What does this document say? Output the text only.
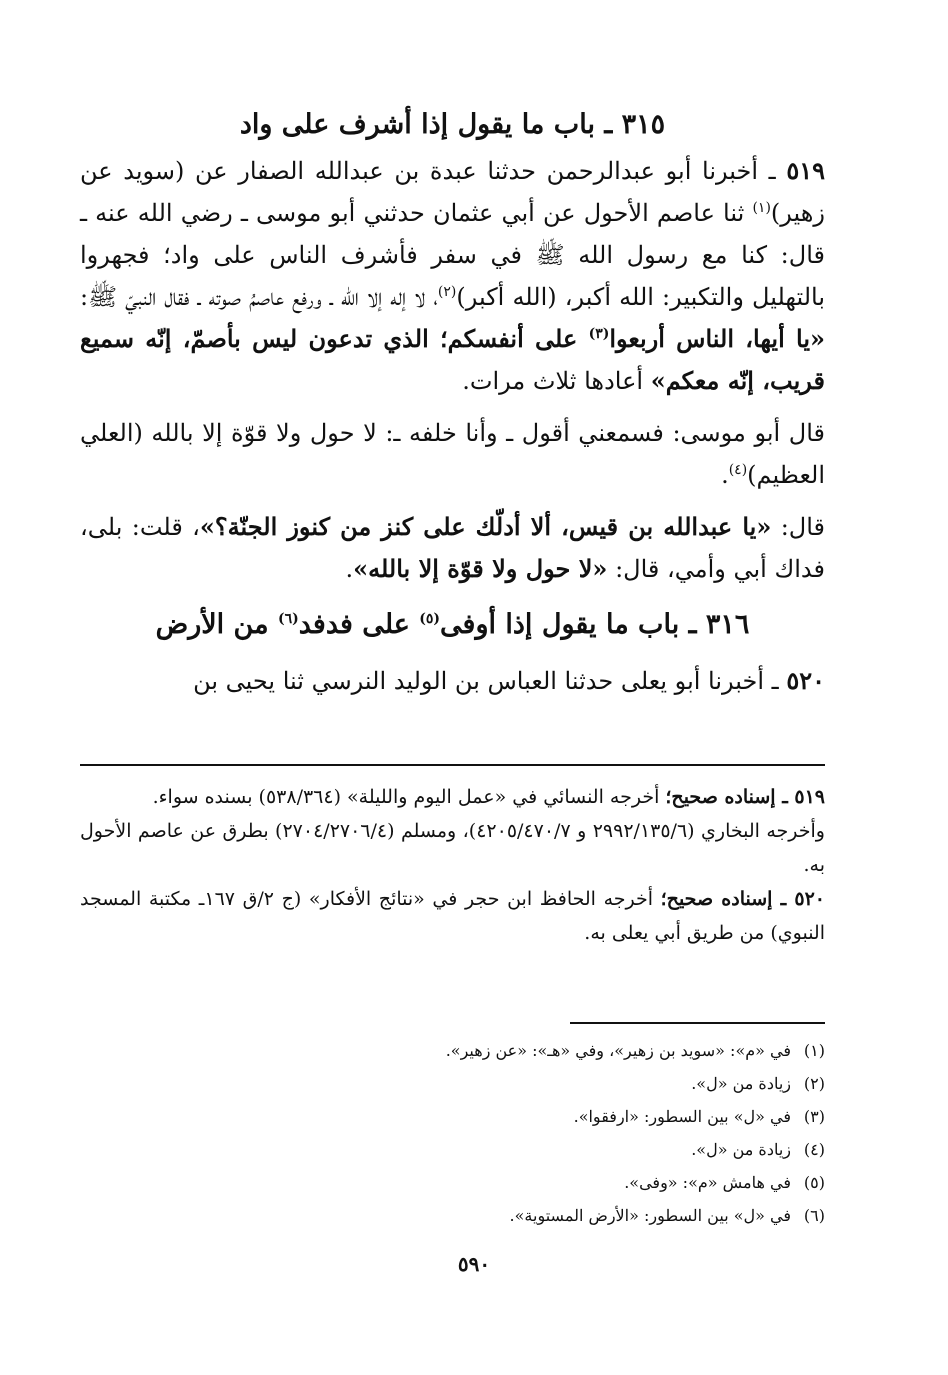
٣١٥ ـ باب ما يقول إذا أشرف على واد

٥١٩ ـ أخبرنا أبو عبدالرحمن حدثنا عبدة بن عبدالله الصفار عن (سويد عن زهير)$^{(١)}$ ثنا عاصم الأحول عن أبي عثمان حدثني أبو موسى ـ رضي الله عنه ـ قال: كنا مع رسول الله ﷺ في سفر فأشرف الناس على واد؛ فجهروا بالتهليل والتكبير: الله أكبر، (الله أكبر)$^{(٢)}$، لا إله إلا الله ـ ورفع عاصمُ صوته ـ فقال النبيّ ﷺ: «يا أيها، الناس أربعوا$^{(٣)}$ على أنفسكم؛ الذي تدعون ليس بأصمّ، إنّه سميع قريب، إنّه معكم» أعادها ثلاث مرات.

قال أبو موسى: فسمعني أقول ـ وأنا خلفه ـ: لا حول ولا قوّة إلا بالله (العلي العظيم)$^{(٤)}$.

قال: «يا عبدالله بن قيس، ألا أدلّك على كنز من كنوز الجنّة؟»، قلت: بلى، فداك أبي وأمي، قال: «لا حول ولا قوّة إلا بالله».

٣١٦ ـ باب ما يقول إذا أوفى$^{(٥)}$ على فدفد$^{(٦)}$ من الأرض

٥٢٠ ـ أخبرنا أبو يعلى حدثنا العباس بن الوليد النرسي ثنا يحيى بن

٥١٩ ـ إسناده صحيح؛ أخرجه النسائي في «عمل اليوم والليلة» (٥٣٨/٣٦٤) بسنده سواء.

وأخرجه البخاري (٢٩٩٢/١٣٥/٦ و ٤٢٠٥/٤٧٠/٧)، ومسلم (٢٧٠٤/٢٧٠٦/٤) بطرق عن عاصم الأحول به.

٥٢٠ ـ إسناده صحيح؛ أخرجه الحافظ ابن حجر في «نتائج الأفكار» (ج ٢/ق ١٦٧ـ مكتبة المسجد النبوي) من طريق أبي يعلى به.

(١)في «م»: «سويد بن زهير»، وفي «هـ»: «عن زهير».
(٢)زيادة من «ل».
(٣)في «ل» بين السطور: «ارفقوا».
(٤)زيادة من «ل».
(٥)في هامش «م»: «وفى».
(٦)في «ل» بين السطور: «الأرض المستوية».
٥٩٠
